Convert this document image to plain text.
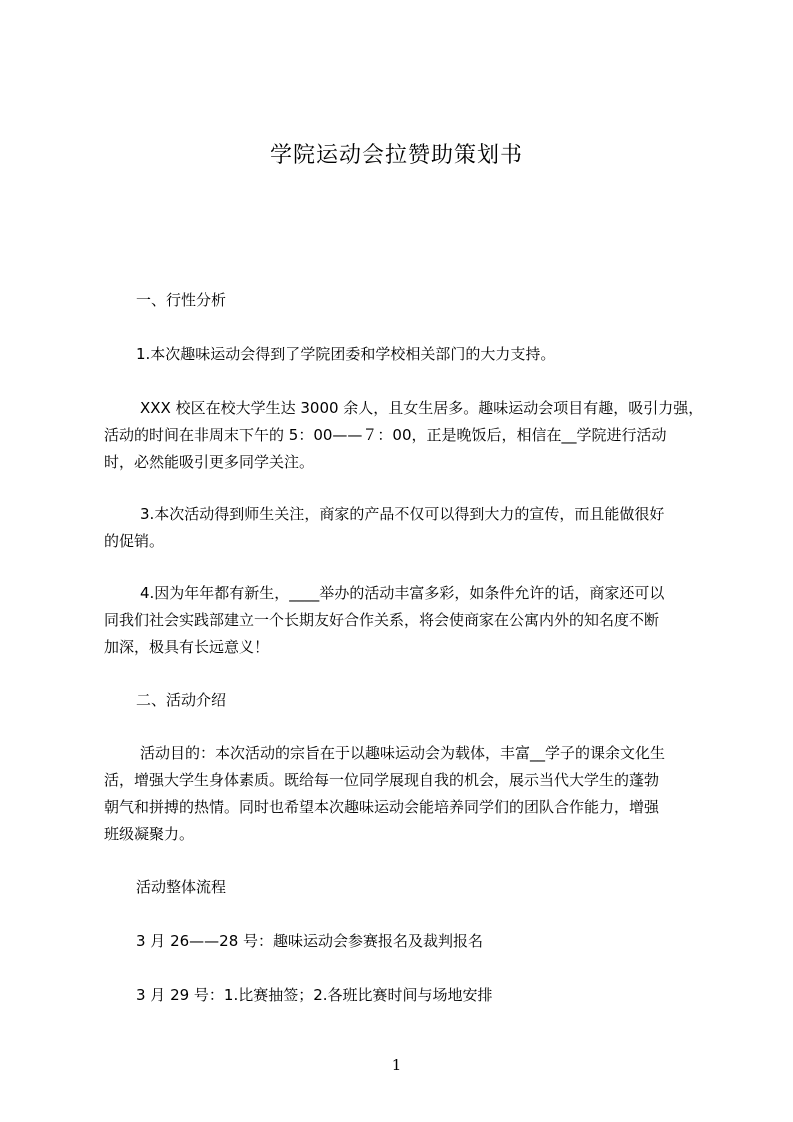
学院运动会拉赞助策划书
一、行性分析
1.本次趣味运动会得到了学院团委和学校相关部门的大力支持。
XXX 校区在校大学生达 3000 余人，且女生居多。趣味运动会项目有趣，吸引力强，
活动的时间在非周末下午的 5：00——７：00，正是晚饭后，相信在__学院进行活动
时，必然能吸引更多同学关注。
3.本次活动得到师生关注，商家的产品不仅可以得到大力的宣传，而且能做很好
的促销。
4.因为年年都有新生，____举办的活动丰富多彩，如条件允许的话，商家还可以
同我们社会实践部建立一个长期友好合作关系，将会使商家在公寓内外的知名度不断
加深，极具有长远意义！
二、活动介绍
活动目的：本次活动的宗旨在于以趣味运动会为载体，丰富__学子的课余文化生
活，增强大学生身体素质。既给每一位同学展现自我的机会，展示当代大学生的蓬勃
朝气和拼搏的热情。同时也希望本次趣味运动会能培养同学们的团队合作能力，增强
班级凝聚力。
活动整体流程
3 月 26——28 号：趣味运动会参赛报名及裁判报名
3 月 29 号：1.比赛抽签；2.各班比赛时间与场地安排
1
